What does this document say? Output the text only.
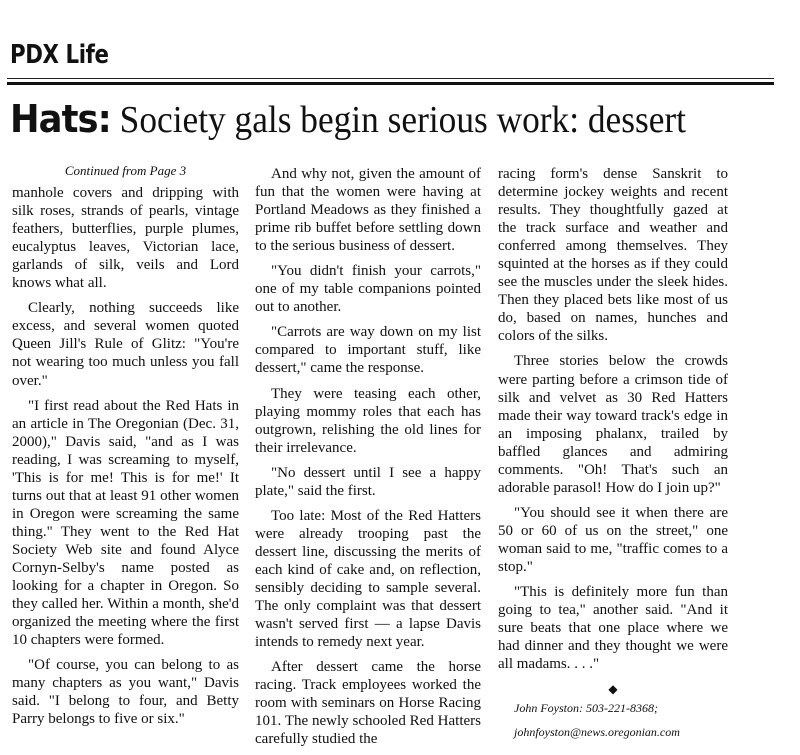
PDX Life
Hats: Society gals begin serious work: dessert
Continued from Page 3

manhole covers and dripping with silk roses, strands of pearls, vintage feathers, butterflies, purple plumes, eucalyptus leaves, Victorian lace, garlands of silk, veils and Lord knows what all.

Clearly, nothing succeeds like excess, and several women quoted Queen Jill's Rule of Glitz: "You're not wearing too much unless you fall over."

"I first read about the Red Hats in an article in The Oregonian (Dec. 31, 2000)," Davis said, "and as I was reading, I was screaming to myself, 'This is for me! This is for me!' It turns out that at least 91 other women in Oregon were screaming the same thing." They went to the Red Hat Society Web site and found Alyce Cornyn-Selby's name posted as looking for a chapter in Oregon. So they called her. Within a month, she'd organized the meeting where the first 10 chapters were formed.

"Of course, you can belong to as many chapters as you want," Davis said. "I belong to four, and Betty Parry belongs to five or six."

And why not, given the amount of fun that the women were having at Portland Meadows as they finished a prime rib buffet before settling down to the serious business of dessert.

"You didn't finish your carrots," one of my table companions pointed out to another.

"Carrots are way down on my list compared to important stuff, like dessert," came the response.

They were teasing each other, playing mommy roles that each has outgrown, relishing the old lines for their irrelevance.

"No dessert until I see a happy plate," said the first.

Too late: Most of the Red Hatters were already trooping past the dessert line, discussing the merits of each kind of cake and, on reflection, sensibly deciding to sample several. The only complaint was that dessert wasn't served first — a lapse Davis intends to remedy next year.

After dessert came the horse racing. Track employees worked the room with seminars on Horse Racing 101. The newly schooled Red Hatters carefully studied the

racing form's dense Sanskrit to determine jockey weights and recent results. They thoughtfully gazed at the track surface and weather and conferred among themselves. They squinted at the horses as if they could see the muscles under the sleek hides. Then they placed bets like most of us do, based on names, hunches and colors of the silks.

Three stories below the crowds were parting before a crimson tide of silk and velvet as 30 Red Hatters made their way toward track's edge in an imposing phalanx, trailed by baffled glances and admiring comments. "Oh! That's such an adorable parasol! How do I join up?"

"You should see it when there are 50 or 60 of us on the street," one woman said to me, "traffic comes to a stop."

"This is definitely more fun than going to tea," another said. "And it sure beats that one place where we had dinner and they thought we were all madams. . . ."

◆

John Foyston: 503-221-8368;

johnfoyston@news.oregonian.com
